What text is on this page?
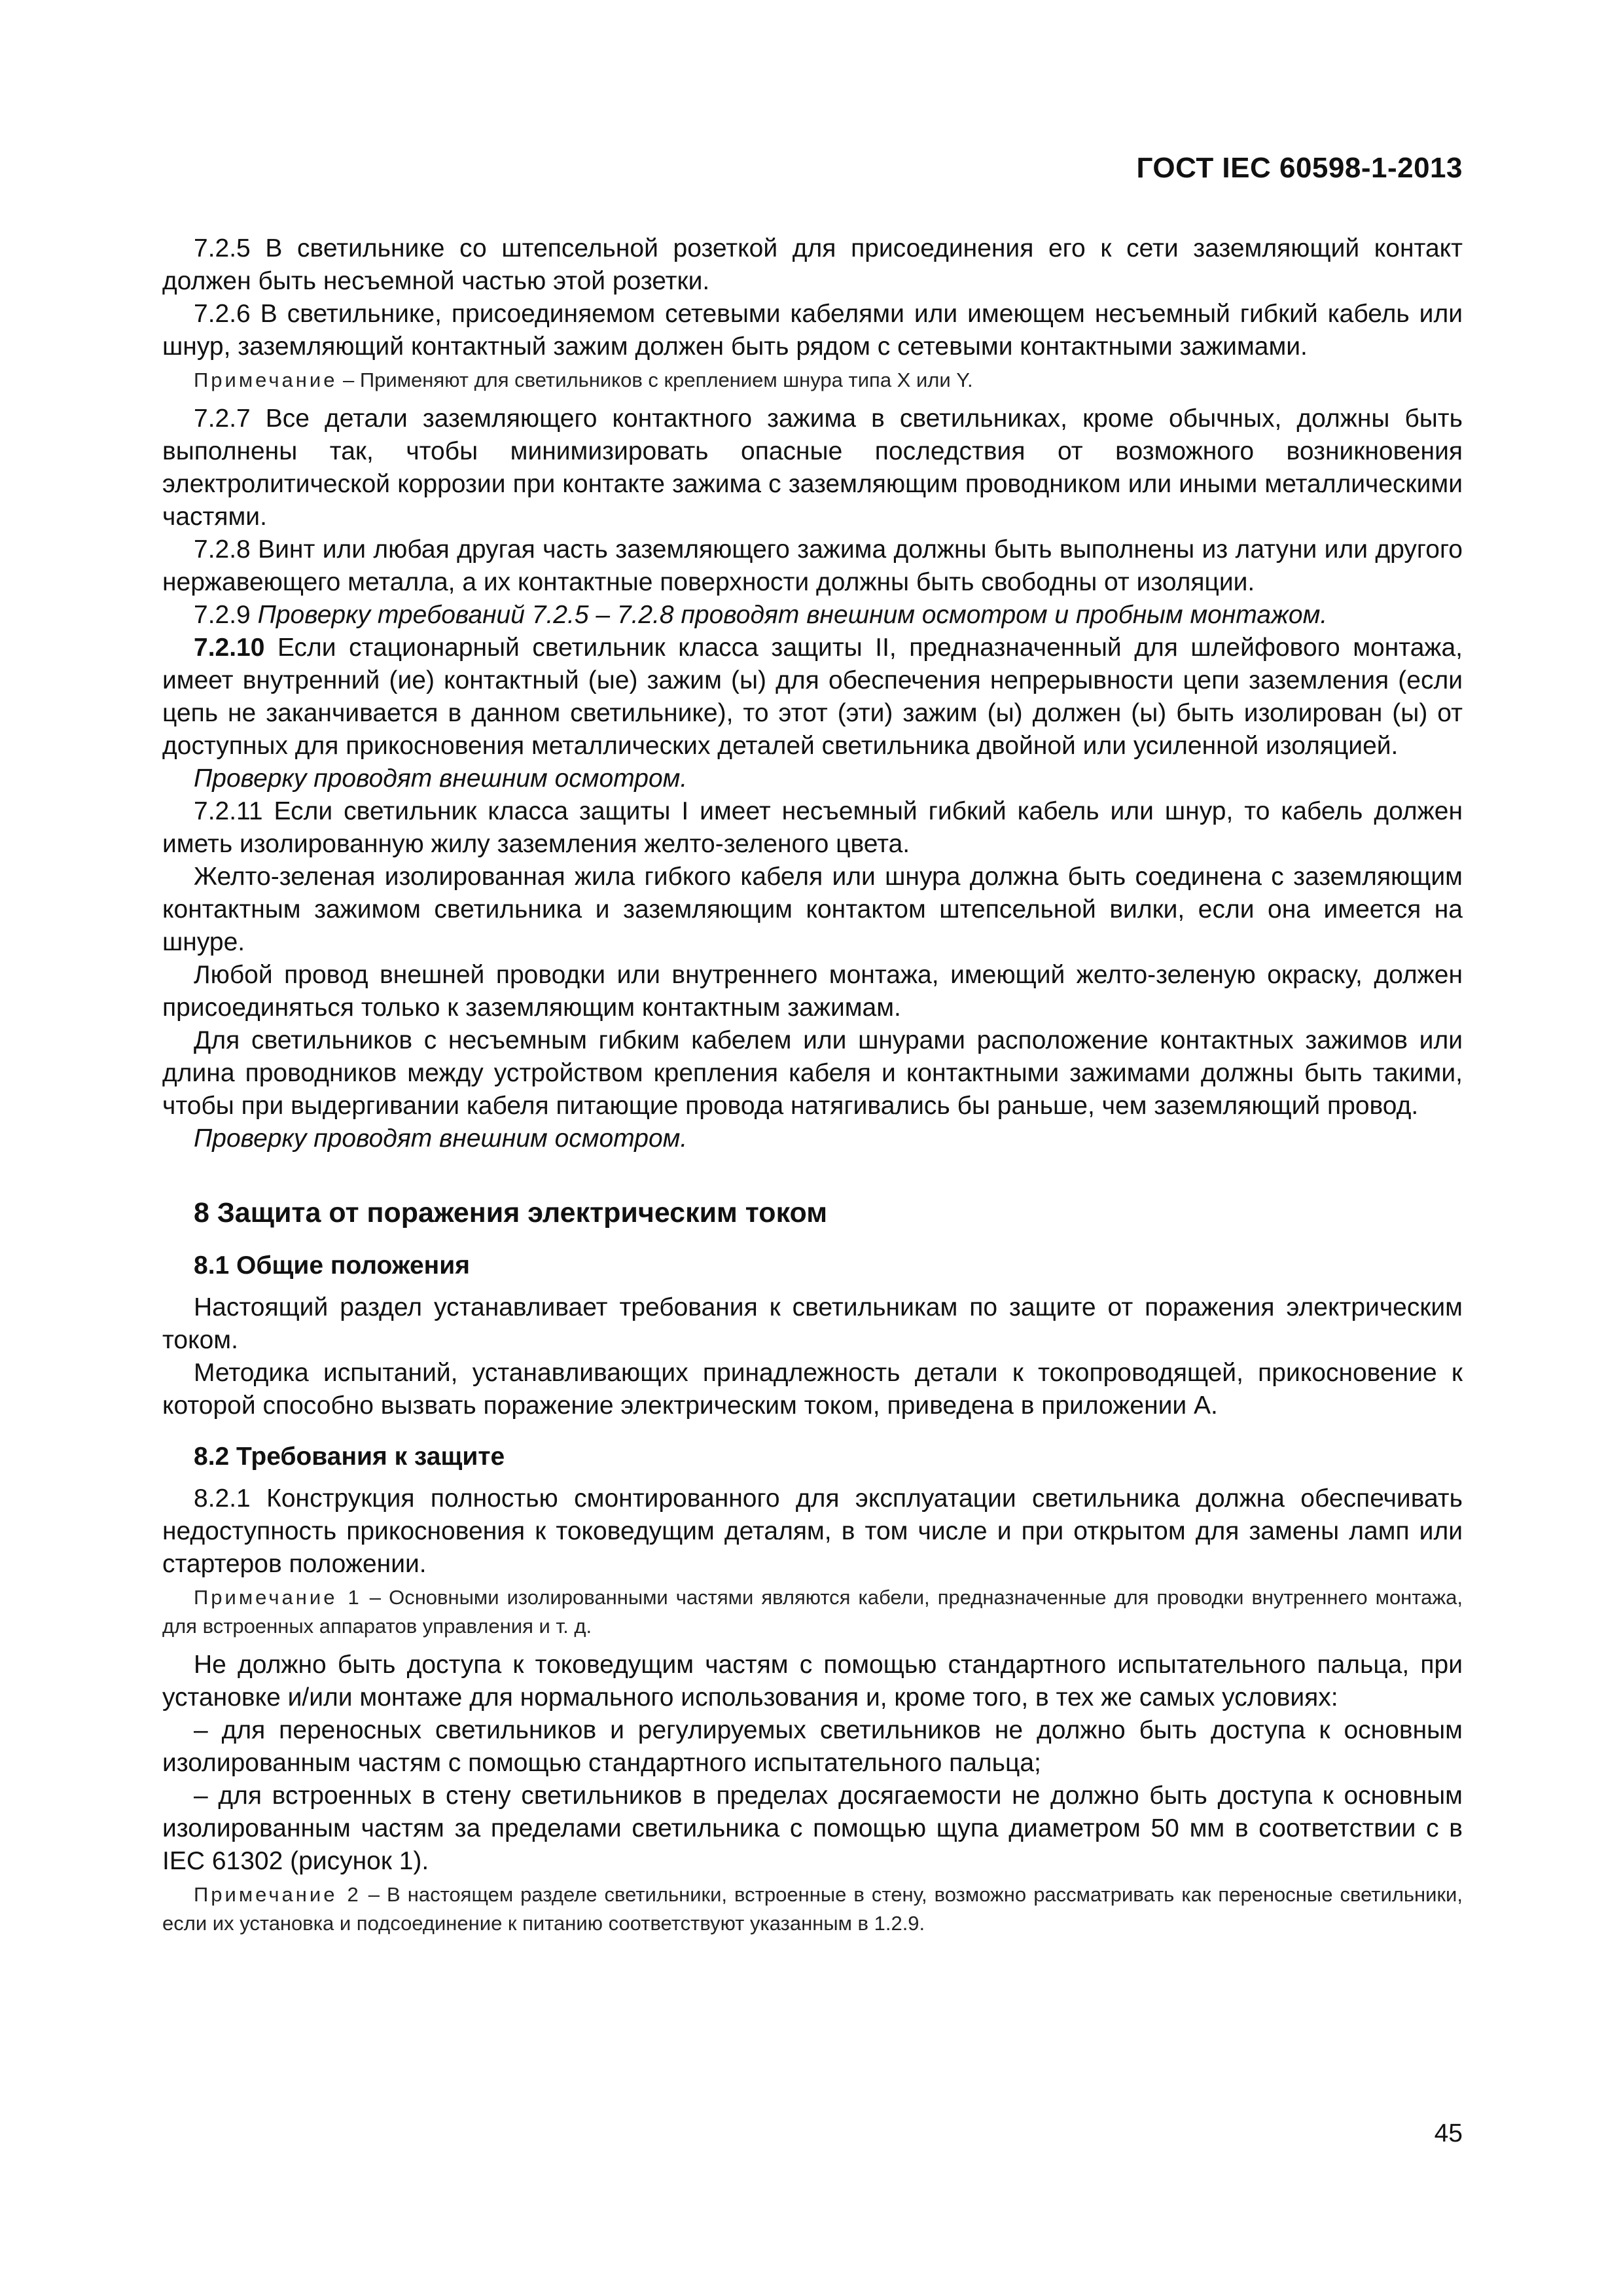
ГОСТ IEC 60598-1-2013

7.2.5 В светильнике со штепсельной розеткой для присоединения его к сети заземляющий контакт должен быть несъемной частью этой розетки.

7.2.6 В светильнике, присоединяемом сетевыми кабелями или имеющем несъемный гибкий кабель или шнур, заземляющий контактный зажим должен быть рядом с сетевыми контактными зажимами.

Примечание – Применяют для светильников с креплением шнура типа X или Y.

7.2.7 Все детали заземляющего контактного зажима в светильниках, кроме обычных, должны быть выполнены так, чтобы минимизировать опасные последствия от возможного возникновения электролитической коррозии при контакте зажима с заземляющим проводником или иными металлическими частями.

7.2.8 Винт или любая другая часть заземляющего зажима должны быть выполнены из латуни или другого нержавеющего металла, а их контактные поверхности должны быть свободны от изоляции.

7.2.9 Проверку требований 7.2.5 – 7.2.8 проводят внешним осмотром и пробным монтажом.

7.2.10 Если стационарный светильник класса защиты II, предназначенный для шлейфового монтажа, имеет внутренний (ие) контактный (ые) зажим (ы) для обеспечения непрерывности цепи заземления (если цепь не заканчивается в данном светильнике), то этот (эти) зажим (ы) должен (ы) быть изолирован (ы) от доступных для прикосновения металлических деталей светильника двойной или усиленной изоляцией.

Проверку проводят внешним осмотром.

7.2.11 Если светильник класса защиты I имеет несъемный гибкий кабель или шнур, то кабель должен иметь изолированную жилу заземления желто-зеленого цвета.

Желто-зеленая изолированная жила гибкого кабеля или шнура должна быть соединена с заземляющим контактным зажимом светильника и заземляющим контактом штепсельной вилки, если она имеется на шнуре.

Любой провод внешней проводки или внутреннего монтажа, имеющий желто-зеленую окраску, должен присоединяться только к заземляющим контактным зажимам.

Для светильников с несъемным гибким кабелем или шнурами расположение контактных зажимов или длина проводников между устройством крепления кабеля и контактными зажимами должны быть такими, чтобы при выдергивании кабеля питающие провода натягивались бы раньше, чем заземляющий провод.

Проверку проводят внешним осмотром.

8 Защита от поражения электрическим током
8.1 Общие положения

Настоящий раздел устанавливает требования к светильникам по защите от поражения электрическим током.

Методика испытаний, устанавливающих принадлежность детали к токопроводящей, прикосновение к которой способно вызвать поражение электрическим током, приведена в приложении А.

8.2 Требования к защите

8.2.1 Конструкция полностью смонтированного для эксплуатации светильника должна обеспечивать недоступность прикосновения к токоведущим деталям, в том числе и при открытом для замены ламп или стартеров положении.

Примечание 1 – Основными изолированными частями являются кабели, предназначенные для проводки внутреннего монтажа, для встроенных аппаратов управления и т. д.

Не должно быть доступа к токоведущим частям с помощью стандартного испытательного пальца, при установке и/или монтаже для нормального использования и, кроме того, в тех же самых условиях:

– для переносных светильников и регулируемых светильников не должно быть доступа к основным изолированным частям с помощью стандартного испытательного пальца;

– для встроенных в стену светильников в пределах досягаемости не должно быть доступа к основным изолированным частям за пределами светильника с помощью щупа диаметром 50 мм в соответствии с в IEC 61302 (рисунок 1).

Примечание 2 – В настоящем разделе светильники, встроенные в стену, возможно рассматривать как переносные светильники, если их установка и подсоединение к питанию соответствуют указанным в 1.2.9.

45
